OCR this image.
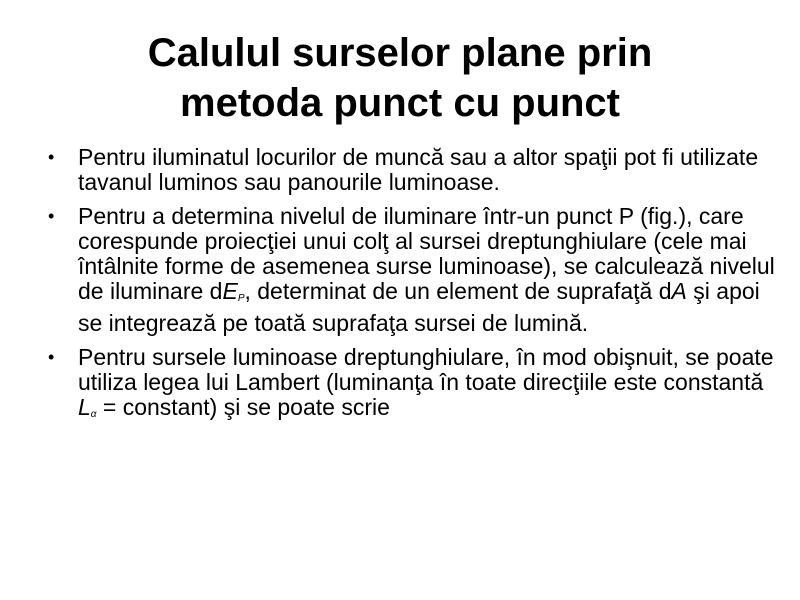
Calulul surselor plane prin
metoda punct cu punct
• Pentru iluminatul locurilor de muncă sau a altor spaţii pot fi utilizate tavanul luminos sau panourile luminoase.
• Pentru a determina nivelul de iluminare într-un punct P (fig.), care corespunde proiecţiei unui colţ al sursei dreptunghiulare (cele mai întâlnite forme de asemenea surse luminoase), se calculează nivelul de iluminare dEP, determinat de un element de suprafaţă dA şi apoi se integrează pe toată suprafaţa sursei de lumină.
• Pentru sursele luminoase dreptunghiulare, în mod obişnuit, se poate utiliza legea lui Lambert (luminanţa în toate direcţiile este constantă Lα = constant) şi se poate scrie
